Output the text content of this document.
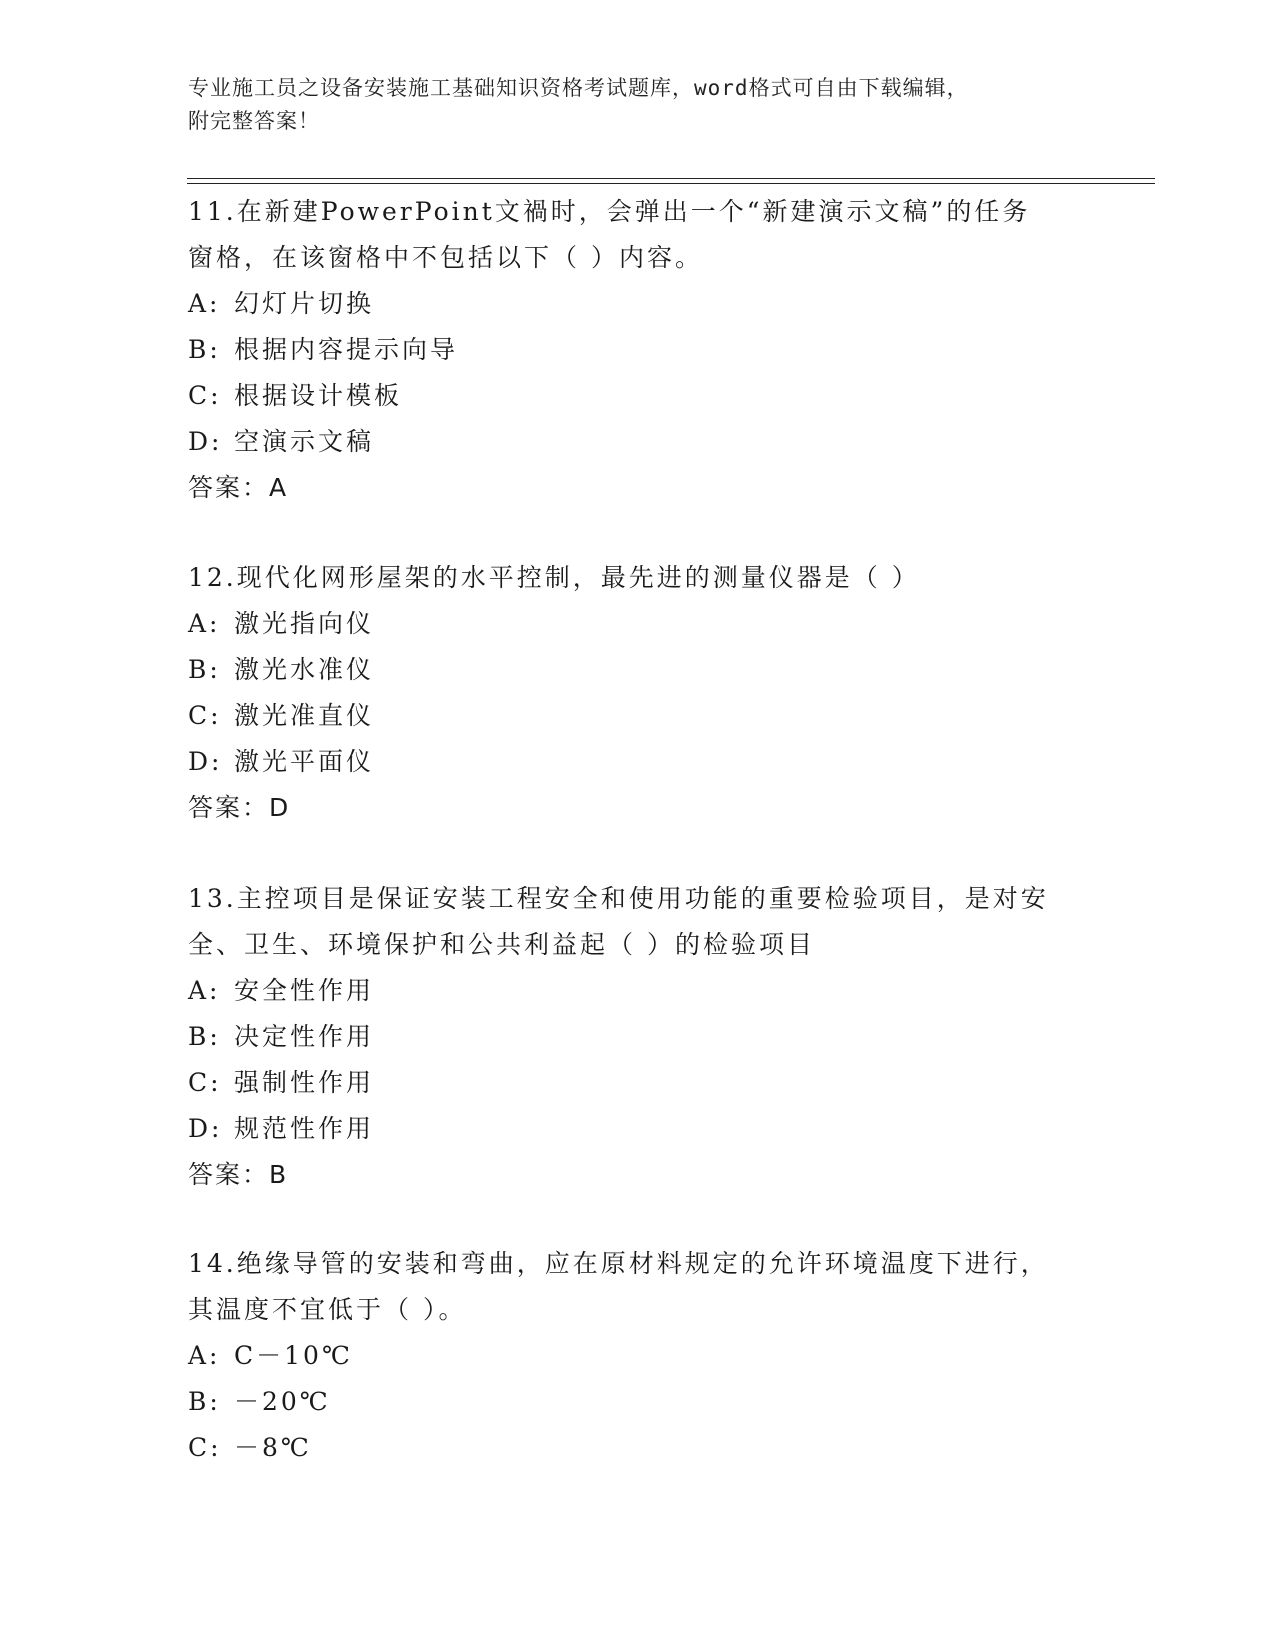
专业施工员之设备安装施工基础知识资格考试题库，word格式可自由下载编辑，
附完整答案！
11.在新建PowerPoint文禍时，会弹出一个“新建演示文稿”的任务
窗格，在该窗格中不包括以下（ ）内容。
A: 幻灯片切换
B: 根据内容提示向导
C: 根据设计模板
D: 空演示文稿
答案：A
12.现代化网形屋架的水平控制，最先进的测量仪器是（ ）
A: 激光指向仪
B: 激光水准仪
C: 激光准直仪
D: 激光平面仪
答案：D
13.主控项目是保证安装工程安全和使用功能的重要检验项目，是对安
全、卫生、环境保护和公共利益起（ ）的检验项目
A: 安全性作用
B: 决定性作用
C: 强制性作用
D: 规范性作用
答案：B
14.绝缘导管的安装和弯曲，应在原材料规定的允许环境温度下进行，
其温度不宜低于（ ）。
A: C－10℃
B: －20℃
C: －8℃
